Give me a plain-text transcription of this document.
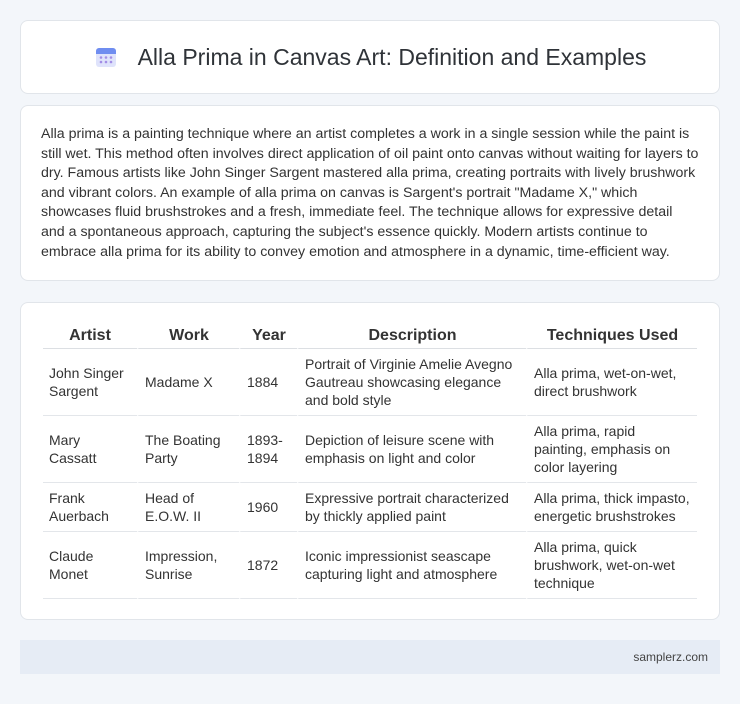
Alla Prima in Canvas Art: Definition and Examples

Alla prima is a painting technique where an artist completes a work in a single session while the paint is still wet. This method often involves direct application of oil paint onto canvas without waiting for layers to dry. Famous artists like John Singer Sargent mastered alla prima, creating portraits with lively brushwork and vibrant colors. An example of alla prima on canvas is Sargent's portrait "Madame X," which showcases fluid brushstrokes and a fresh, immediate feel. The technique allows for expressive detail and a spontaneous approach, capturing the subject's essence quickly. Modern artists continue to embrace alla prima for its ability to convey emotion and atmosphere in a dynamic, time-efficient way.

Artist	Work	Year	Description	Techniques Used
John Singer Sargent	Madame X	1884	Portrait of Virginie Amelie Avegno Gautreau showcasing elegance and bold style	Alla prima, wet-on-wet, direct brushwork
Mary Cassatt	The Boating Party	1893-1894	Depiction of leisure scene with emphasis on light and color	Alla prima, rapid painting, emphasis on color layering
Frank Auerbach	Head of E.O.W. II	1960	Expressive portrait characterized by thickly applied paint	Alla prima, thick impasto, energetic brushstrokes
Claude Monet	Impression, Sunrise	1872	Iconic impressionist seascape capturing light and atmosphere	Alla prima, quick brushwork, wet-on-wet technique
samplerz.com
